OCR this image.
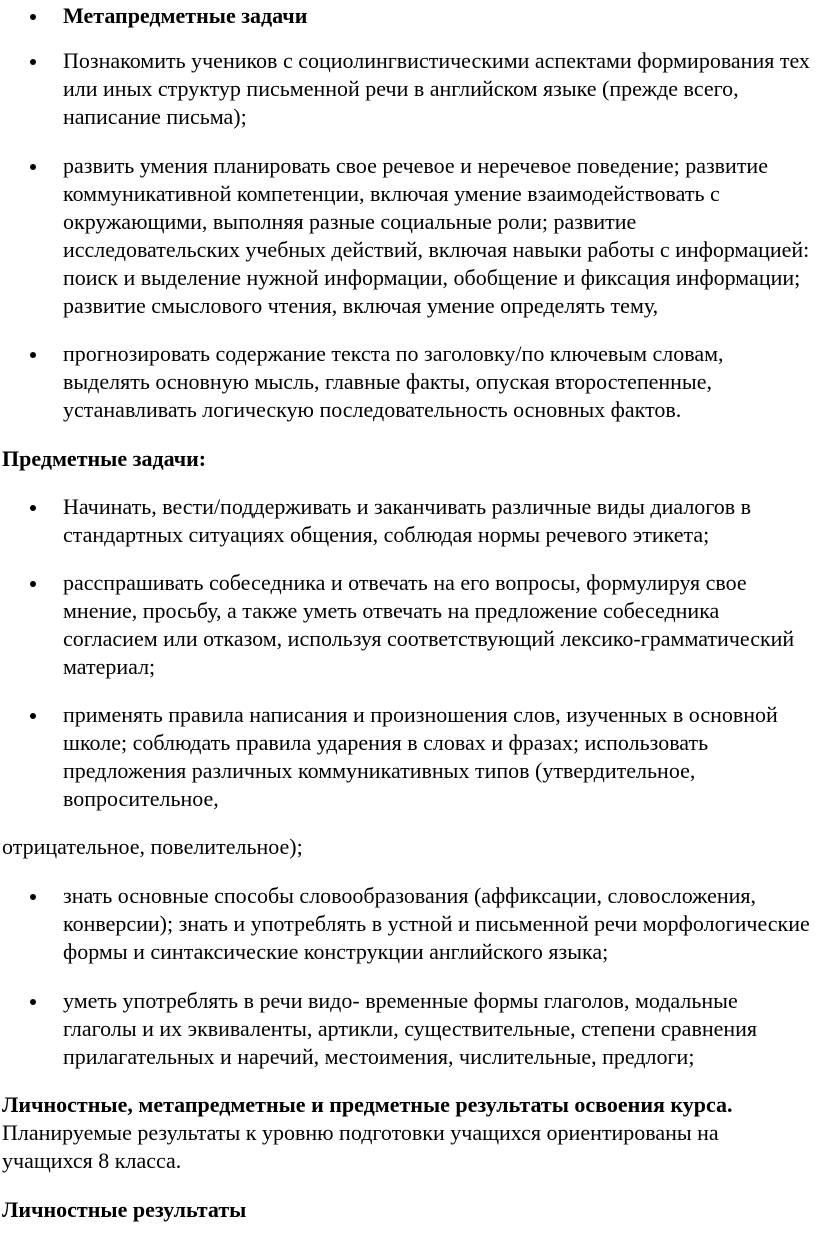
Метапредметные задачи
Познакомить учеников с социолингвистическими аспектами формирования тех или иных структур письменной речи в английском языке (прежде всего, написание письма);
развить умения планировать свое речевое и неречевое поведение; развитие коммуникативной компетенции, включая умение взаимодействовать с окружающими, выполняя разные социальные роли; развитие исследовательских учебных действий, включая навыки работы с информацией: поиск и выделение нужной информации, обобщение и фиксация информации; развитие смыслового чтения, включая умение определять тему,
прогнозировать содержание текста по заголовку/по ключевым словам, выделять основную мысль, главные факты, опуская второстепенные, устанавливать логическую последовательность основных фактов.
Предметные задачи:
Начинать, вести/поддерживать и заканчивать различные виды диалогов в стандартных ситуациях общения, соблюдая нормы речевого этикета;
расспрашивать собеседника и отвечать на его вопросы, формулируя свое мнение, просьбу, а также уметь отвечать на предложение собеседника согласием или отказом, используя соответствующий лексико-грамматический материал;
применять правила написания и произношения слов, изученных в основной школе; соблюдать правила ударения в словах и фразах; использовать предложения различных коммуникативных типов (утвердительное, вопросительное,
отрицательное, повелительное);
знать основные способы словообразования (аффиксации, словосложения, конверсии); знать и употреблять в устной и письменной речи морфологические формы и синтаксические конструкции английского языка;
уметь употреблять в речи видо- временные формы глаголов, модальные глаголы и их эквиваленты, артикли, существительные, степени сравнения прилагательных и наречий, местоимения, числительные, предлоги;
Личностные, метапредметные и предметные результаты освоения курса. Планируемые результаты к уровню подготовки учащихся ориентированы на учащихся 8 класса.
Личностные результаты
